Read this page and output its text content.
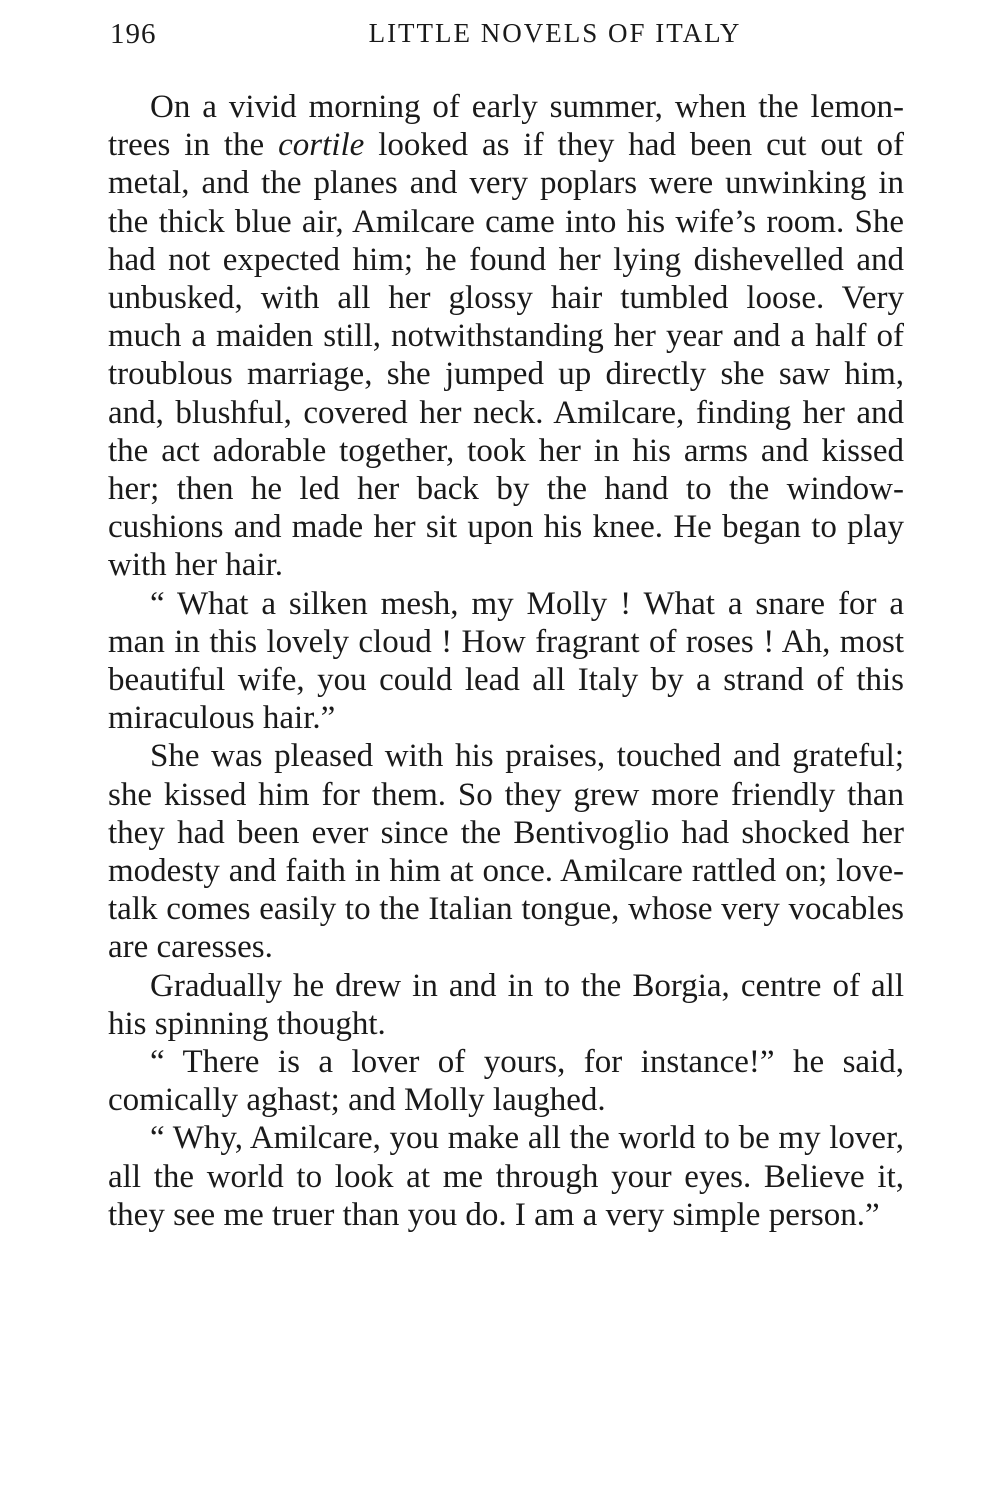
196	LITTLE NOVELS OF ITALY

On a vivid morning of early summer, when the lemon-trees in the cortile looked as if they had been cut out of metal, and the planes and very poplars were unwinking in the thick blue air, Amilcare came into his wife’s room. She had not expected him; he found her lying dishevelled and unbusked, with all her glossy hair tumbled loose. Very much a maiden still, notwithstanding her year and a half of troublous marriage, she jumped up directly she saw him, and, blushful, covered her neck. Amilcare, finding her and the act adorable together, took her in his arms and kissed her; then he led her back by the hand to the window-cushions and made her sit upon his knee. He began to play with her hair.

“ What a silken mesh, my Molly ! What a snare for a man in this lovely cloud ! How fragrant of roses ! Ah, most beautiful wife, you could lead all Italy by a strand of this miraculous hair.”

She was pleased with his praises, touched and grateful; she kissed him for them. So they grew more friendly than they had been ever since the Bentivoglio had shocked her modesty and faith in him at once. Amilcare rattled on; love-talk comes easily to the Italian tongue, whose very vocables are caresses.

Gradually he drew in and in to the Borgia, centre of all his spinning thought.

“ There is a lover of yours, for instance!” he said, comically aghast; and Molly laughed.

“ Why, Amilcare, you make all the world to be my lover, all the world to look at me through your eyes. Believe it, they see me truer than you do. I am a very simple person.”
